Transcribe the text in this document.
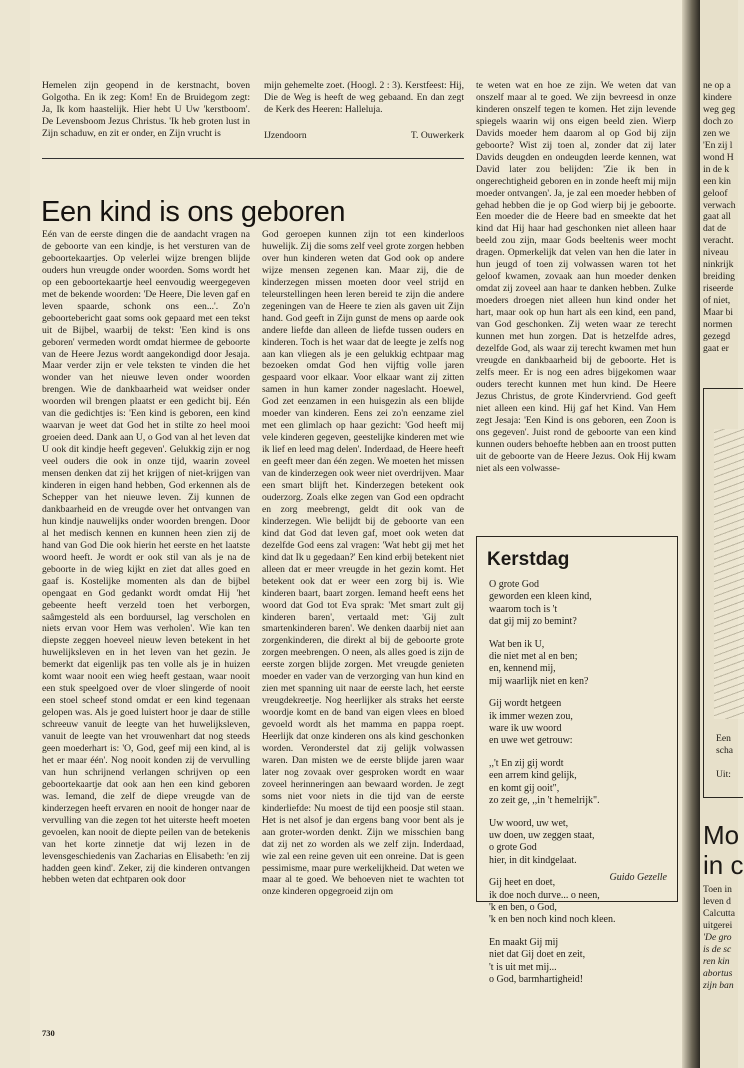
Hemelen zijn geopend in de kerstnacht, boven Golgotha. En ik zeg: Kom! En de Bruidegom zegt: Ja, Ik kom haastelijk. Hier hebt U Uw 'kerstboom'. De Levensboom Jezus Christus. 'Ik heb groten lust in Zijn schaduw, en zit er onder, en Zijn vrucht is
mijn gehemelte zoet. (Hoogl. 2 : 3). Kerstfeest: Hij, Die de Weg is heeft de weg gebaand. En dan zegt de Kerk des Heeren: Halleluja.
IJzendoorn	T. Ouwerkerk
Een kind is ons geboren
Eén van de eerste dingen die de aandacht vragen na de geboorte van een kindje, is het versturen van de geboortekaartjes. Op velerlei wijze brengen blijde ouders hun vreugde onder woorden. Soms wordt het op een geboortekaartje heel eenvoudig weergegeven met de bekende woorden: 'De Heere, Die leven gaf en leven spaarde, schonk ons een...'. Zo'n geboortebericht gaat soms ook gepaard met een tekst uit de Bijbel, waarbij de tekst: 'Een kind is ons geboren' vermeden wordt omdat hiermee de geboorte van de Heere Jezus wordt aangekondigd door Jesaja. Maar verder zijn er vele teksten te vinden die het wonder van het nieuwe leven onder woorden brengen. Wie de dankbaarheid wat weidser onder woorden wil brengen plaatst er een gedicht bij. Eén van die gedichtjes is: 'Een kind is geboren, een kind waarvan je weet dat God het in stilte zo heel mooi groeien deed. Dank aan U, o God van al het leven dat U ook dit kindje heeft gegeven'. Gelukkig zijn er nog veel ouders die ook in onze tijd, waarin zoveel mensen denken dat zij het krijgen of niet-krijgen van kinderen in eigen hand hebben, God erkennen als de Schepper van het nieuwe leven. Zij kunnen de dankbaarheid en de vreugde over het ontvangen van hun kindje nauwelijks onder woorden brengen. Door al het medisch kennen en kunnen heen zien zij de hand van God Die ook hierin het eerste en het laatste woord heeft. Je wordt er ook stil van als je na de geboorte in de wieg kijkt en ziet dat alles goed en gaaf is. Kostelijke momenten als dan de bijbel opengaat en God gedankt wordt omdat Hij 'het gebeente heeft verzeld toen het verborgen, saâmgesteld als een borduursel, lag verscholen en niets ervan voor Hem was verholen'. Wie kan ten diepste zeggen hoeveel nieuw leven betekent in het huwelijksleven en in het leven van het gezin. Je bemerkt dat eigenlijk pas ten volle als je in huizen komt waar nooit een wieg heeft gestaan, waar nooit een stuk speelgoed over de vloer slingerde of nooit een stoel scheef stond omdat er een kind tegenaan gelopen was. Als je goed luistert hoor je daar de stille schreeuw vanuit de leegte van het huwelijksleven, vanuit de leegte van het vrouwenhart dat nog steeds geen moederhart is: 'O, God, geef mij een kind, al is het er maar één'. Nog nooit konden zij de vervulling van hun schrijnend verlangen schrijven op een geboortekaartje dat ook aan hen een kind geboren was. Iemand, die zelf de diepe vreugde van de kinderzegen heeft ervaren en nooit de honger naar de vervulling van die zegen tot het uiterste heeft moeten gevoelen, kan nooit de diepte peilen van de betekenis van het korte zinnetje dat wij lezen in de levensgeschiedenis van Zacharias en Elisabeth: 'en zij hadden geen kind'. Zeker, zij die kinderen ontvangen hebben weten dat echtparen ook door
God geroepen kunnen zijn tot een kinderloos huwelijk. Zij die soms zelf veel grote zorgen hebben over hun kinderen weten dat God ook op andere wijze mensen zegenen kan. Maar zij, die de kinderzegen missen moeten door veel strijd en teleurstellingen heen leren bereid te zijn die andere zegeningen van de Heere te zien als gaven uit Zijn hand. God geeft in Zijn gunst de mens op aarde ook andere liefde dan alleen de liefde tussen ouders en kinderen. Toch is het waar dat de leegte je zelfs nog aan kan vliegen als je een gelukkig echtpaar mag bezoeken omdat God hen vijftig volle jaren gespaard voor elkaar. Voor elkaar want zij zitten samen in hun kamer zonder nageslacht. Hoewel, God zet eenzamen in een huisgezin als een blijde moeder van kinderen. Eens zei zo'n eenzame ziel met een glimlach op haar gezicht: 'God heeft mij vele kinderen gegeven, geestelijke kinderen met wie ik lief en leed mag delen'. Inderdaad, de Heere heeft en geeft meer dan één zegen. We moeten het missen van de kinderzegen ook weer niet overdrijven. Maar een smart blijft het. Kinderzegen betekent ook ouderzorg. Zoals elke zegen van God een opdracht en zorg meebrengt, geldt dit ook van de kinderzegen. Wie belijdt bij de geboorte van een kind dat God dat leven gaf, moet ook weten dat dezelfde God eens zal vragen: 'Wat hebt gij met het kind dat Ik u gegedaan?' Een kind erbij betekent niet alleen dat er meer vreugde in het gezin komt. Het betekent ook dat er weer een zorg bij is. Wie kinderen baart, baart zorgen. Iemand heeft eens het woord dat God tot Eva sprak: 'Met smart zult gij kinderen baren', vertaald met: 'Gij zult smartenkinderen baren'. We denken daarbij niet aan zorgenkinderen, die direkt al bij de geboorte grote zorgen meebrengen. O neen, als alles goed is zijn de eerste zorgen blijde zorgen. Met vreugde genieten moeder en vader van de verzorging van hun kind en zien met spanning uit naar de eerste lach, het eerste vreugdekreetje. Nog heerlijker als straks het eerste woordje komt en de band van eigen vlees en bloed gevoeld wordt als het mamma en pappa roept. Heerlijk dat onze kinderen ons als kind geschonken worden. Veronderstel dat zij gelijk volwassen waren. Dan misten we de eerste blijde jaren waar later nog zovaak over gesproken wordt en waar zoveel herinneringen aan bewaard worden. Je zegt soms niet voor niets in die tijd van de eerste kinderliefde: Nu moest de tijd een poosje stil staan. Het is net alsof je dan ergens bang voor bent als je aan groter-worden denkt. Zijn we misschien bang dat zij net zo worden als we zelf zijn. Inderdaad, wie zal een reine geven uit een onreine. Dat is geen pessimisme, maar pure werkelijkheid. Dat weten we maar al te goed. We behoeven niet te wachten tot onze kinderen opgegroeid zijn om
te weten wat en hoe ze zijn. We weten dat van onszelf maar al te goed. We zijn bevreesd in onze kinderen onszelf tegen te komen. Het zijn levende spiegels waarin wij ons eigen beeld zien. Wierp Davids moeder hem daarom al op God bij zijn geboorte? Wist zij toen al, zonder dat zij later Davids deugden en ondeugden leerde kennen, wat David later zou belijden: 'Zie ik ben in ongerechtigheid geboren en in zonde heeft mij mijn moeder ontvangen'. Ja, je zal een moeder hebben of gehad hebben die je op God wierp bij je geboorte. Een moeder die de Heere bad en smeekte dat het kind dat Hij haar had geschonken niet alleen haar beeld zou zijn, maar Gods beeltenis weer mocht dragen. Opmerkelijk dat velen van hen die later in hun jeugd of toen zij volwassen waren tot het geloof kwamen, zovaak aan hun moeder denken omdat zij zoveel aan haar te danken hebben. Zulke moeders droegen niet alleen hun kind onder het hart, maar ook op hun hart als een kind, een pand, van God geschonken. Zij weten waar ze terecht kunnen met hun zorgen. Dat is hetzelfde adres, dezelfde God, als waar zij terecht kwamen met hun vreugde en dankbaarheid bij de geboorte. Het is zelfs meer. Er is nog een adres bijgekomen waar ouders terecht kunnen met hun kind. De Heere Jezus Christus, de grote Kindervriend. God geeft niet alleen een kind. Hij gaf het Kind. Van Hem zegt Jesaja: 'Een Kind is ons geboren, een Zoon is ons gegeven'. Juist rond de geboorte van een kind kunnen ouders behoefte hebben aan en troost putten uit de geboorte van de Heere Jezus. Ook Hij kwam niet als een volwasse-
Kerstdag
O grote God
geworden een kleen kind,
waarom toch is 't
dat gij mij zo bemint?
Wat ben ik U,
die niet met al en ben;
en, kennend mij,
mij waarlijk niet en ken?
Gij wordt hetgeen
ik immer wezen zou,
ware ik uw woord
en uwe wet getrouw:
,,'t En zij gij wordt
een arrem kind gelijk,
en komt gij ooit",
zo zeit ge, ,,in 't hemelrijk".
Uw woord, uw wet,
uw doen, uw zeggen staat,
o grote God
hier, in dit kindgelaat.
Gij heet en doet,
ik doe noch durve... o neen,
'k en ben, o God,
'k en ben noch kind noch kleen.
En maakt Gij mij
niet dat Gij doet en zeit,
't is uit met mij...
o God, barmhartigheid!
Guido Gezelle
730
ne op a
kindere
weg geg
doch zo
zen we
'En zij l
wond H
in de k
een kin
geloof
verwach
gaat all
dat de
veracht.
niveau
ninkrijk
breiding
riseerde
of niet,
Maar bi
normen
gezegd
gaat er
Een
scha
Uit:
Mo
in c
Toen in
leven d
Calcutta
uitgerei
'De gro
is de sc
ren kin
abortus
zijn ban
